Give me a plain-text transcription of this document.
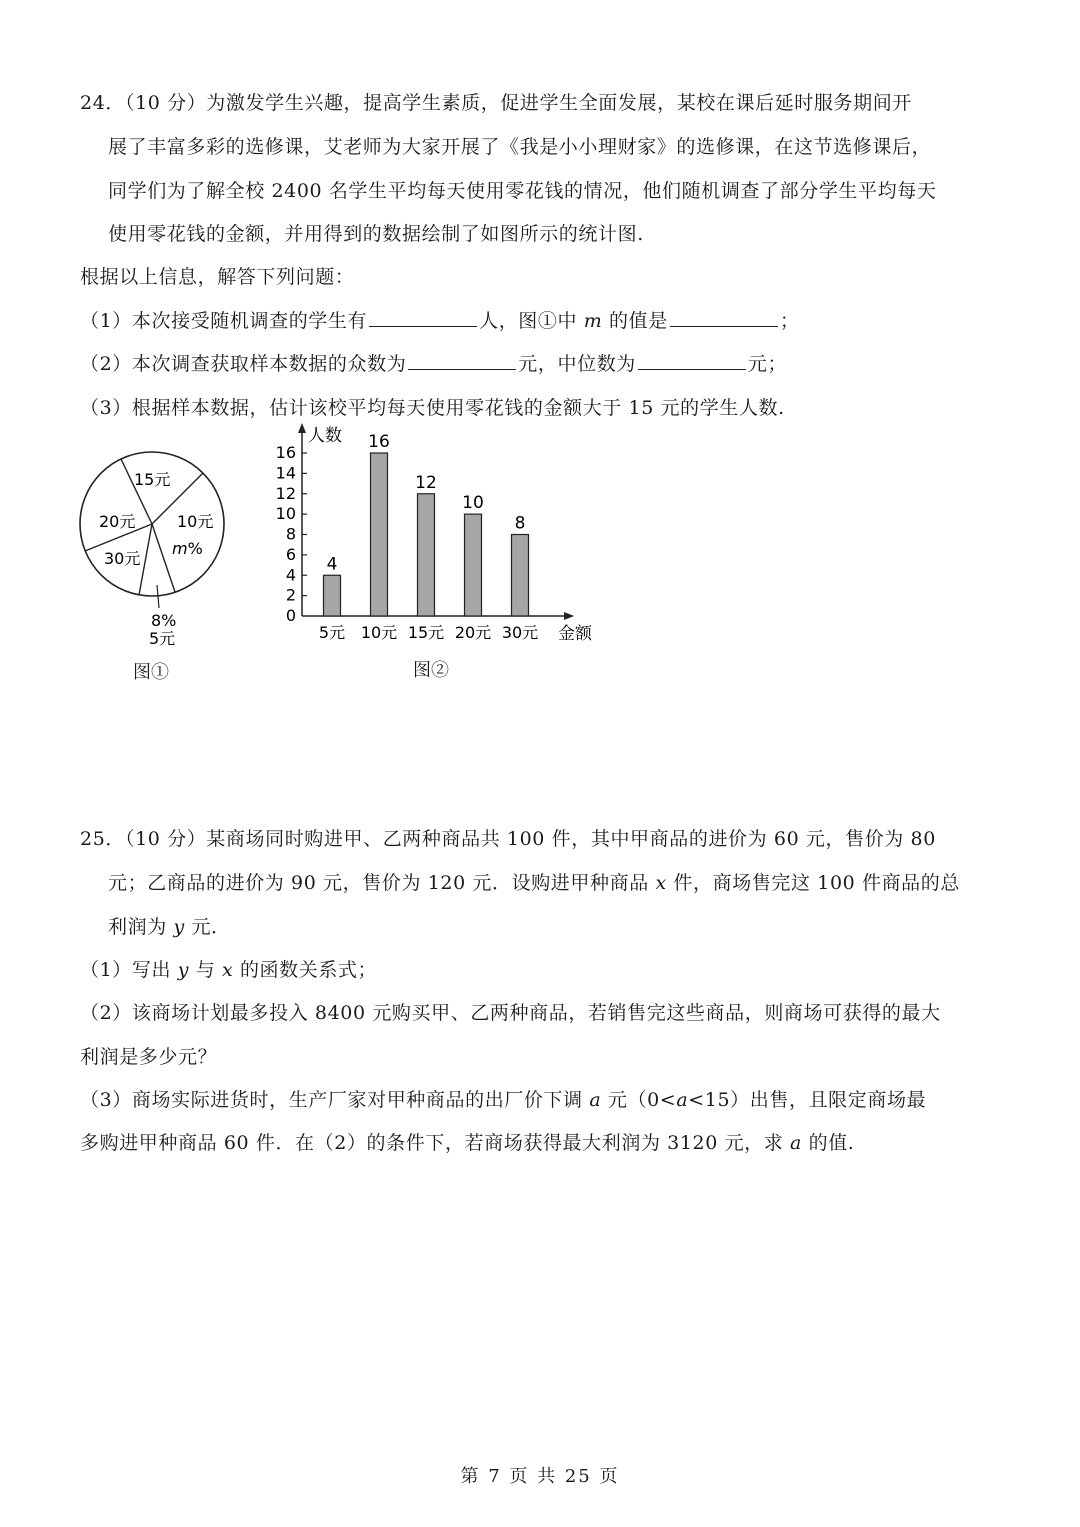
24．（10 分）为激发学生兴趣，提高学生素质，促进学生全面发展，某校在课后延时服务期间开
展了丰富多彩的选修课，艾老师为大家开展了《我是小小理财家》的选修课，在这节选修课后，
同学们为了解全校 2400 名学生平均每天使用零花钱的情况，他们随机调查了部分学生平均每天
使用零花钱的金额，并用得到的数据绘制了如图所示的统计图.
根据以上信息，解答下列问题：
（1）本次接受随机调查的学生有	人，图①中 m 的值是	；
（2）本次调查获取样本数据的众数为	元，中位数为	元；
（3）根据样本数据，估计该校平均每天使用零花钱的金额大于 15 元的学生人数.
15元
20元	10元
m%
30元
8%
5元
图①
16
14
12
10
8
6
4
2
0
4
16
12
10
8
5元 10元 15元 20元 30元
人数
金额
图②
25．（10 分）某商场同时购进甲、乙两种商品共 100 件，其中甲商品的进价为 60 元，售价为 80
元；乙商品的进价为 90 元，售价为 120 元．设购进甲种商品 x 件，商场售完这 100 件商品的总
利润为 y 元．
（1）写出 y 与 x 的函数关系式；
（2）该商场计划最多投入 8400 元购买甲、乙两种商品，若销售完这些商品，则商场可获得的最大
利润是多少元？
（3）商场实际进货时，生产厂家对甲种商品的出厂价下调 a 元（0<a<15）出售，且限定商场最
多购进甲种商品 60 件．在（2）的条件下，若商场获得最大利润为 3120 元，求 a 的值.
第 7 页 共 25 页
